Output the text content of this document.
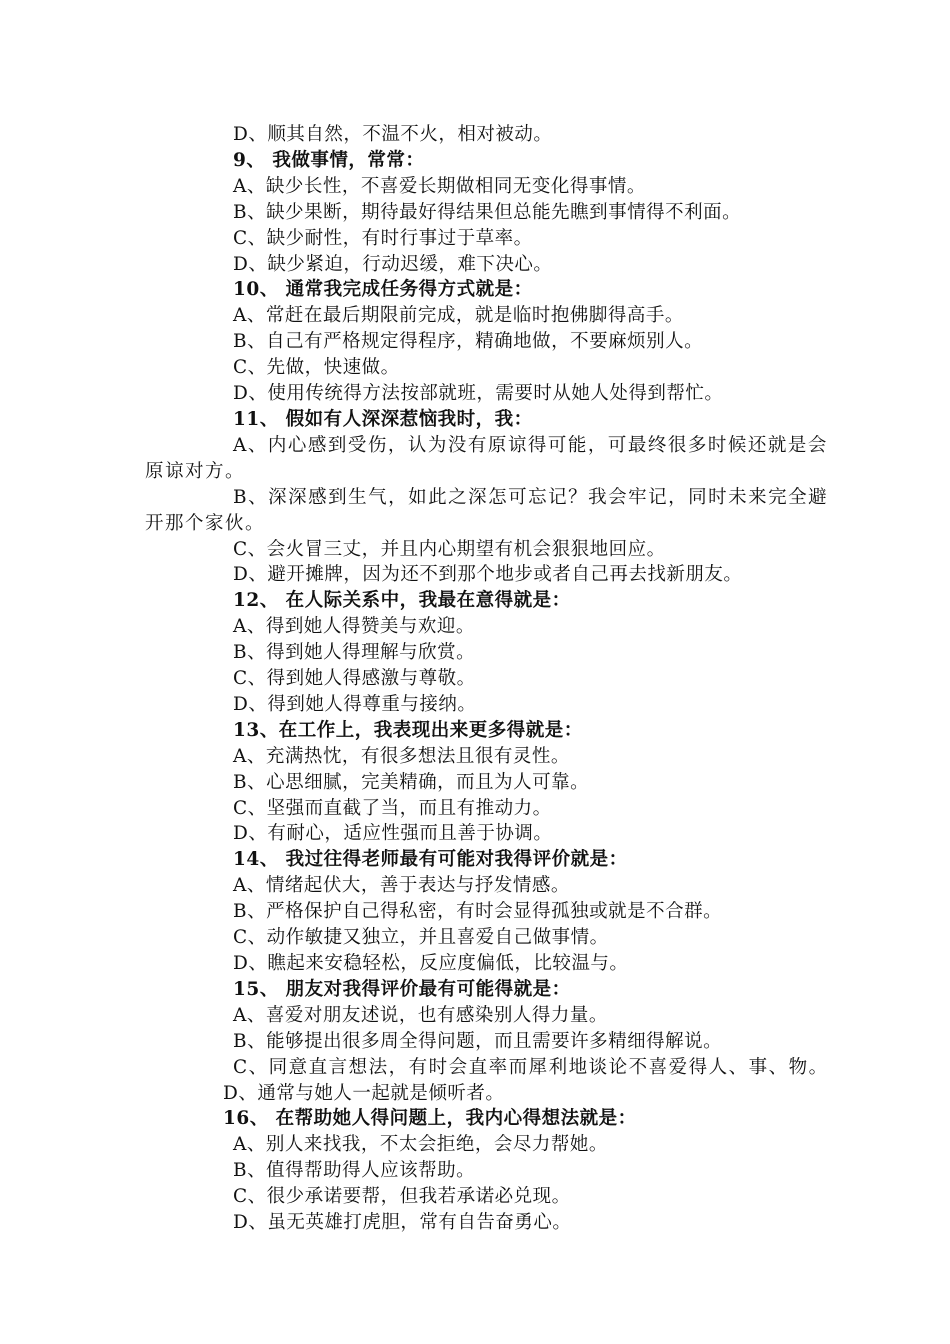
D、顺其自然，不温不火，相对被动。
9、 我做事情，常常：
A、缺少长性，不喜爱长期做相同无变化得事情。
B、缺少果断，期待最好得结果但总能先瞧到事情得不利面。
C、缺少耐性，有时行事过于草率。
D、缺少紧迫，行动迟缓，难下决心。
10、 通常我完成任务得方式就是：
A、常赶在最后期限前完成，就是临时抱佛脚得高手。
B、自己有严格规定得程序，精确地做，不要麻烦别人。
C、先做，快速做。
D、使用传统得方法按部就班，需要时从她人处得到帮忙。
11、 假如有人深深惹恼我时，我：
A、内心感到受伤，认为没有原谅得可能，可最终很多时候还就是会原谅对方。
B、深深感到生气，如此之深怎可忘记？我会牢记，同时未来完全避开那个家伙。
C、会火冒三丈，并且内心期望有机会狠狠地回应。
D、避开摊牌，因为还不到那个地步或者自己再去找新朋友。
12、 在人际关系中，我最在意得就是：
A、得到她人得赞美与欢迎。
B、得到她人得理解与欣赏。
C、得到她人得感激与尊敬。
D、得到她人得尊重与接纳。
13、在工作上，我表现出来更多得就是：
A、充满热忱，有很多想法且很有灵性。
B、心思细腻，完美精确，而且为人可靠。
C、坚强而直截了当，而且有推动力。
D、有耐心，适应性强而且善于协调。
14、 我过往得老师最有可能对我得评价就是：
A、情绪起伏大，善于表达与抒发情感。
B、严格保护自己得私密，有时会显得孤独或就是不合群。
C、动作敏捷又独立，并且喜爱自己做事情。
D、瞧起来安稳轻松，反应度偏低，比较温与。
15、 朋友对我得评价最有可能得就是：
A、喜爱对朋友述说，也有感染别人得力量。
B、能够提出很多周全得问题，而且需要许多精细得解说。
C、同意直言想法，有时会直率而犀利地谈论不喜爱得人、事、物。
D、通常与她人一起就是倾听者。
16、 在帮助她人得问题上，我内心得想法就是：
A、别人来找我，不太会拒绝，会尽力帮她。
B、值得帮助得人应该帮助。
C、很少承诺要帮，但我若承诺必兑现。
D、虽无英雄打虎胆，常有自告奋勇心。
